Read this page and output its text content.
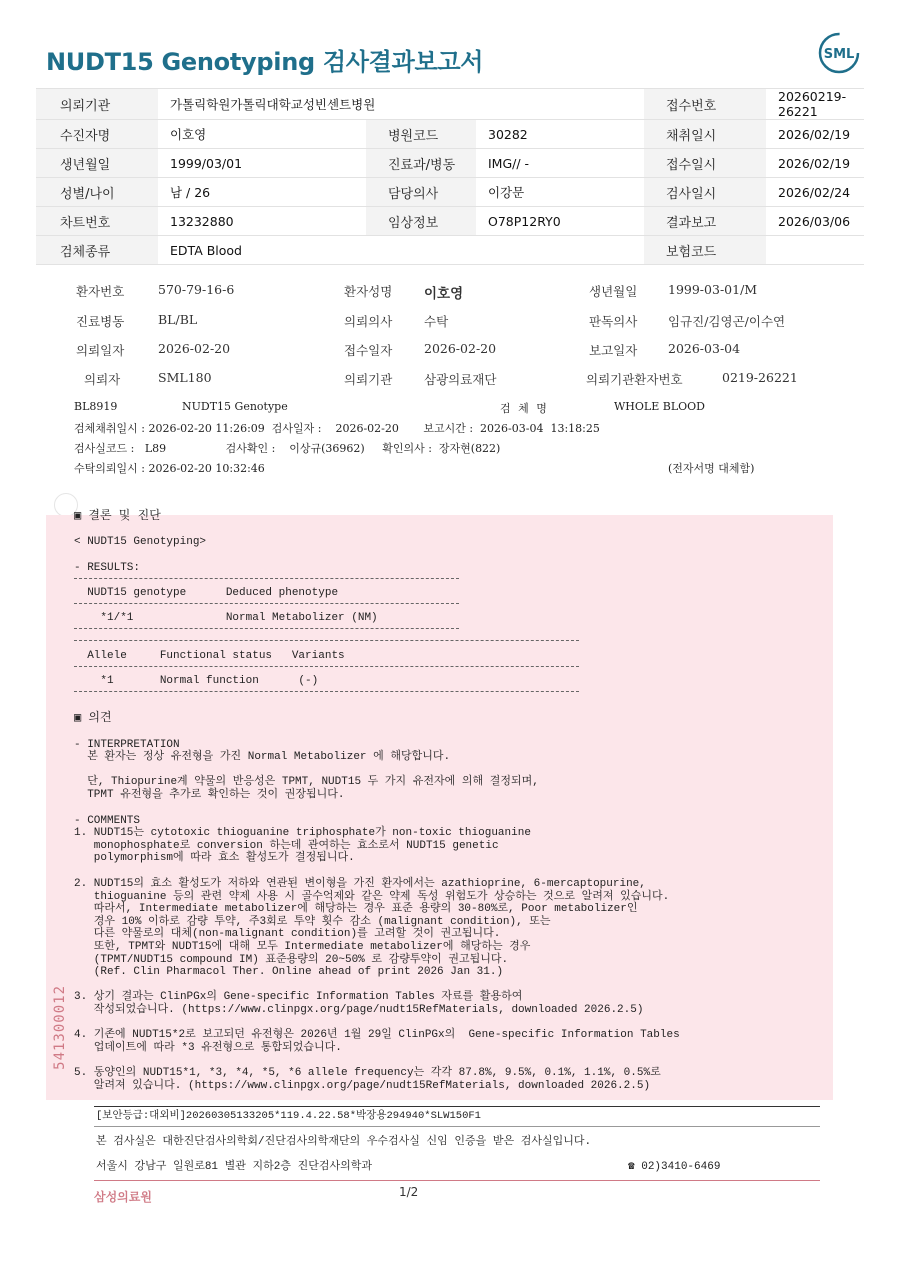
NUDT15 Genotyping 검사결과보고서	SML
의뢰기관	가톨릭학원가톨릭대학교성빈센트병원			접수번호	20260219-26221
수진자명	이호영	병원코드	30282	채취일시	2026/02/19
생년월일	1999/03/01	진료과/병동	IMG// -	접수일시	2026/02/19
성별/나이	남 / 26	담당의사	이강문	검사일시	2026/02/24
차트번호	13232880	임상정보	O78P12RY0	결과보고	2026/03/06
검체종류	EDTA Blood			보험코드	
환자번호	570-79-16-6	환자성명 이호영	생년월일 1999-03-01/M
진료병동	BL/BL	의뢰의사	수탁	판독의사 임규진/김영곤/이수연
의뢰일자	2026-02-20	접수일자	2026-02-20	보고일자 2026-03-04
의뢰자	SML180	의뢰기관	삼광의료재단	의뢰기관환자번호	0219-26221
BL8919	NUDT15 Genotype	검 체 명	WHOLE BLOOD
검체채취일시 : 2026-02-20 11:26:09  검사일자 :    2026-02-20       보고시간 :  2026-03-04  13:18:25
검사실코드 :   L89                 검사확인 :    이상규(36962)     확인의사 :  장자현(822)
수탁의뢰일시 : 2026-02-20 10:32:46	(전자서명 대체함)
▣ 결론 및 진단
< NUDT15 Genotyping>
- RESULTS:
NUDT15 genotype      Deduced phenotype
*1/*1              Normal Metabolizer (NM)
Allele     Functional status   Variants
*1       Normal function      (-)
▣ 의견
- INTERPRETATION
본 환자는 정상 유전형을 가진 Normal Metabolizer 에 해당합니다.
단, Thiopurine계 약물의 반응성은 TPMT, NUDT15 두 가지 유전자에 의해 결정되며,
TPMT 유전형을 추가로 확인하는 것이 권장됩니다.
- COMMENTS
1. NUDT15는 cytotoxic thioguanine triphosphate가 non-toxic thioguanine
monophosphate로 conversion 하는데 관여하는 효소로서 NUDT15 genetic
polymorphism에 따라 효소 활성도가 결정됩니다.
2. NUDT15의 효소 활성도가 저하와 연관된 변이형을 가진 환자에서는 azathioprine, 6-mercaptopurine,
thioguanine 등의 관련 약제 사용 시 골수억제와 같은 약제 독성 위험도가 상승하는 것으로 알려져 있습니다.
따라서, Intermediate metabolizer에 해당하는 경우 표준 용량의 30-80%로, Poor metabolizer인
경우 10% 이하로 감량 투약, 주3회로 투약 횟수 감소 (malignant condition), 또는
다른 약물로의 대체(non-malignant condition)를 고려할 것이 권고됩니다.
또한, TPMT와 NUDT15에 대해 모두 Intermediate metabolizer에 해당하는 경우
(TPMT/NUDT15 compound IM) 표준용량의 20~50% 로 감량투약이 권고됩니다.
(Ref. Clin Pharmacol Ther. Online ahead of print 2026 Jan 31.)
3. 상기 결과는 ClinPGx의 Gene-specific Information Tables 자료를 활용하여
작성되었습니다. (https://www.clinpgx.org/page/nudt15RefMaterials, downloaded 2026.2.5)
4. 기존에 NUDT15*2로 보고되던 유전형은 2026년 1월 29일 ClinPGx의  Gene-specific Information Tables
업데이트에 따라 *3 유전형으로 통합되었습니다.
5. 동양인의 NUDT15*1, *3, *4, *5, *6 allele frequency는 각각 87.8%, 9.5%, 0.1%, 1.1%, 0.5%로
알려져 있습니다. (https://www.clinpgx.org/page/nudt15RefMaterials, downloaded 2026.2.5)
541300012
[보안등급:대외비]20260305133205*119.4.22.58*박장용294940*SLW150F1
본 검사실은 대한진단검사의학회/진단검사의학재단의 우수검사실 신임 인증을 받은 검사실입니다.
서울시 강남구 일원로81 별관 지하2층 진단검사의학과	☎ 02)3410-6469
삼성의료원	1/2
